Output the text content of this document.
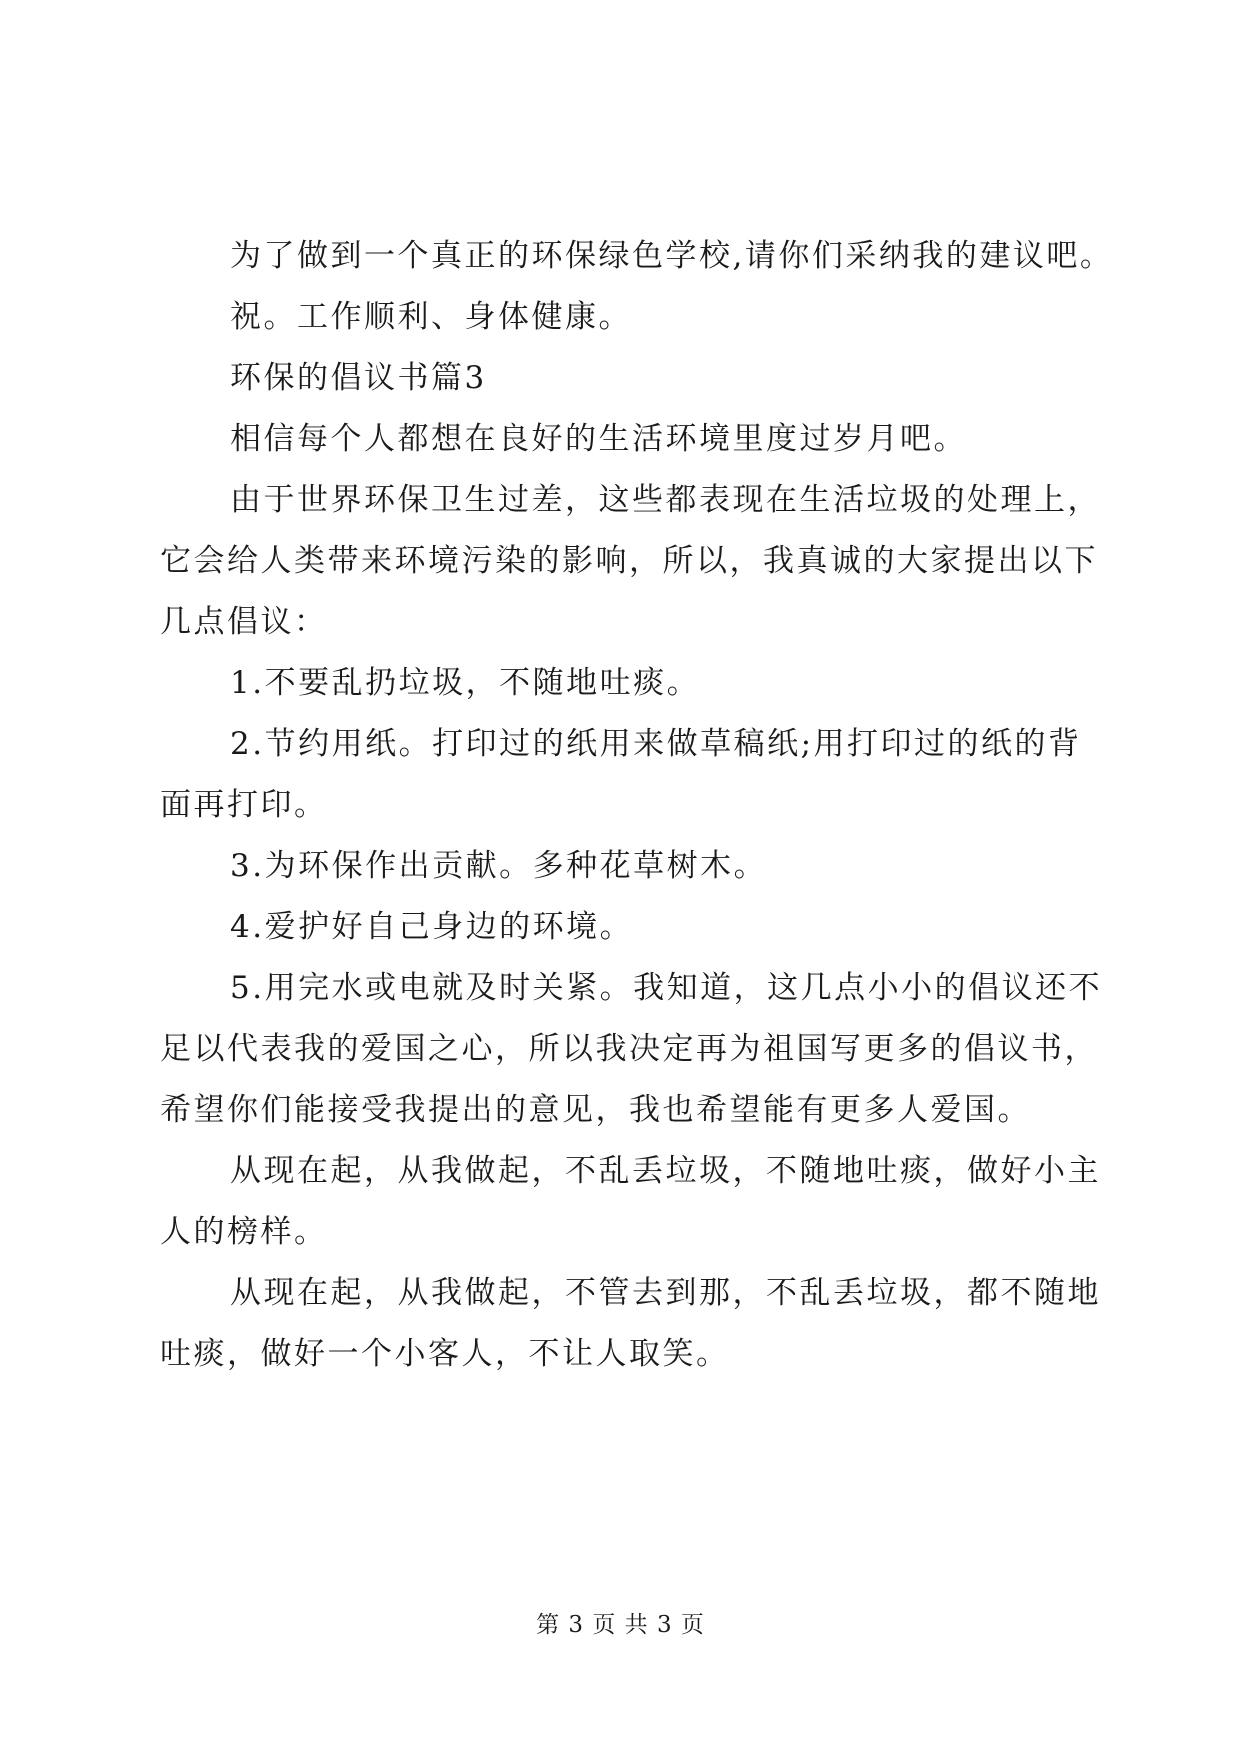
为了做到一个真正的环保绿色学校,请你们采纳我的建议吧。
祝。工作顺利、身体健康。
环保的倡议书篇3
相信每个人都想在良好的生活环境里度过岁月吧。
由于世界环保卫生过差，这些都表现在生活垃圾的处理上，
它会给人类带来环境污染的影响，所以，我真诚的大家提出以下
几点倡议：
1.不要乱扔垃圾，不随地吐痰。
2.节约用纸。打印过的纸用来做草稿纸;用打印过的纸的背
面再打印。
3.为环保作出贡献。多种花草树木。
4.爱护好自己身边的环境。
5.用完水或电就及时关紧。我知道，这几点小小的倡议还不
足以代表我的爱国之心，所以我决定再为祖国写更多的倡议书，
希望你们能接受我提出的意见，我也希望能有更多人爱国。
从现在起，从我做起，不乱丢垃圾，不随地吐痰，做好小主
人的榜样。
从现在起，从我做起，不管去到那，不乱丢垃圾，都不随地
吐痰，做好一个小客人，不让人取笑。
第 3 页 共 3 页
